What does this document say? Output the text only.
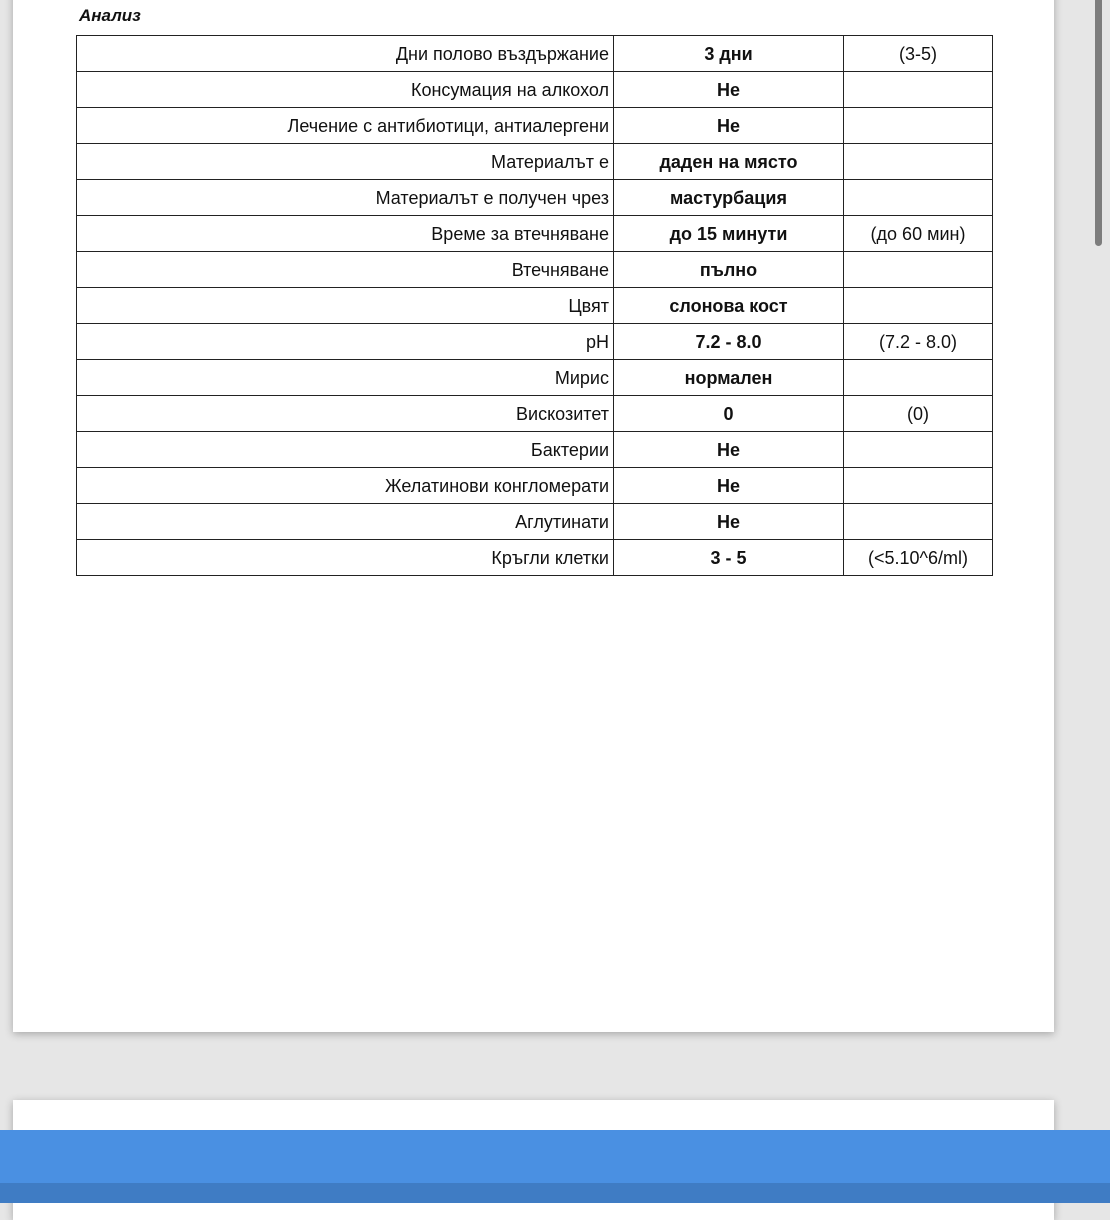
Анализ
Дни полово въздържание	3 дни	(3-5)
Консумация на алкохол	Не	
Лечение с антибиотици, антиалергени	Не	
Материалът е	даден на място	
Материалът е получен чрез	мастурбация	
Време за втечняване	до 15 минути	(до 60 мин)
Втечняване	пълно	
Цвят	слонова кост	
pH	7.2 - 8.0	(7.2 - 8.0)
Мирис	нормален	
Вискозитет	0	(0)
Бактерии	Не	
Желатинови конгломерати	Не	
Аглутинати	Не	
Кръгли клетки	3 - 5	(<5.10^6/ml)
